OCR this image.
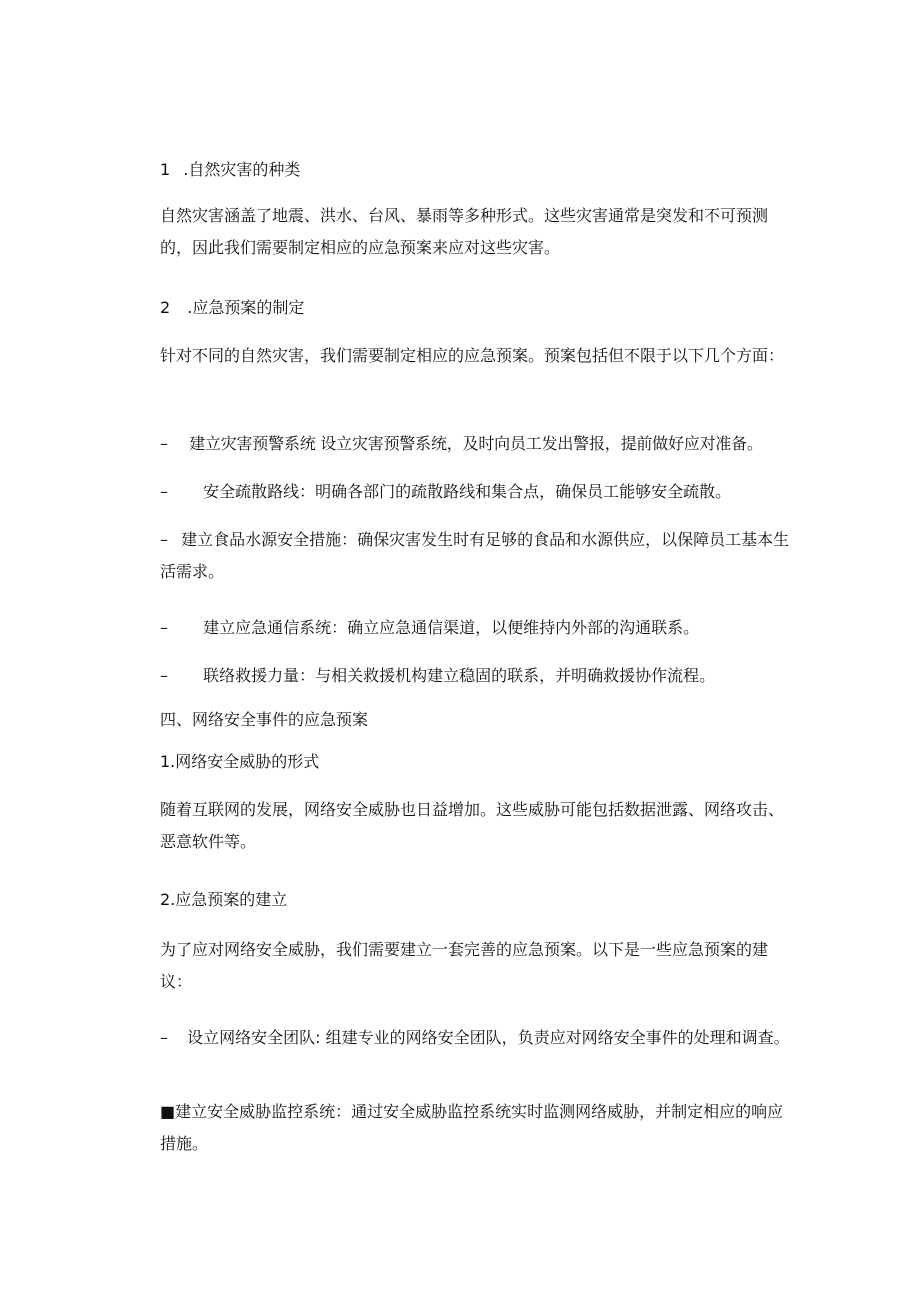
1 .自然灾害的种类
自然灾害涵盖了地震、洪水、台风、暴雨等多种形式。这些灾害通常是突发和不可预测的，因此我们需要制定相应的应急预案来应对这些灾害。
2 .应急预案的制定
针对不同的自然灾害，我们需要制定相应的应急预案。预案包括但不限于以下几个方面：
– 建立灾害预警系统 设立灾害预警系统，及时向员工发出警报，提前做好应对准备。
– 安全疏散路线：明确各部门的疏散路线和集合点，确保员工能够安全疏散。
– 建立食品水源安全措施：确保灾害发生时有足够的食品和水源供应，以保障员工基本生活需求。
– 建立应急通信系统：确立应急通信渠道，以便维持内外部的沟通联系。
– 联络救援力量：与相关救援机构建立稳固的联系，并明确救援协作流程。
四、网络安全事件的应急预案
1.网络安全威胁的形式
随着互联网的发展，网络安全威胁也日益增加。这些威胁可能包括数据泄露、网络攻击、恶意软件等。
2.应急预案的建立
为了应对网络安全威胁，我们需要建立一套完善的应急预案。以下是一些应急预案的建议：
– 设立网络安全团队: 组建专业的网络安全团队，负责应对网络安全事件的处理和调查。
■建立安全威胁监控系统：通过安全威胁监控系统实时监测网络威胁，并制定相应的响应措施。
